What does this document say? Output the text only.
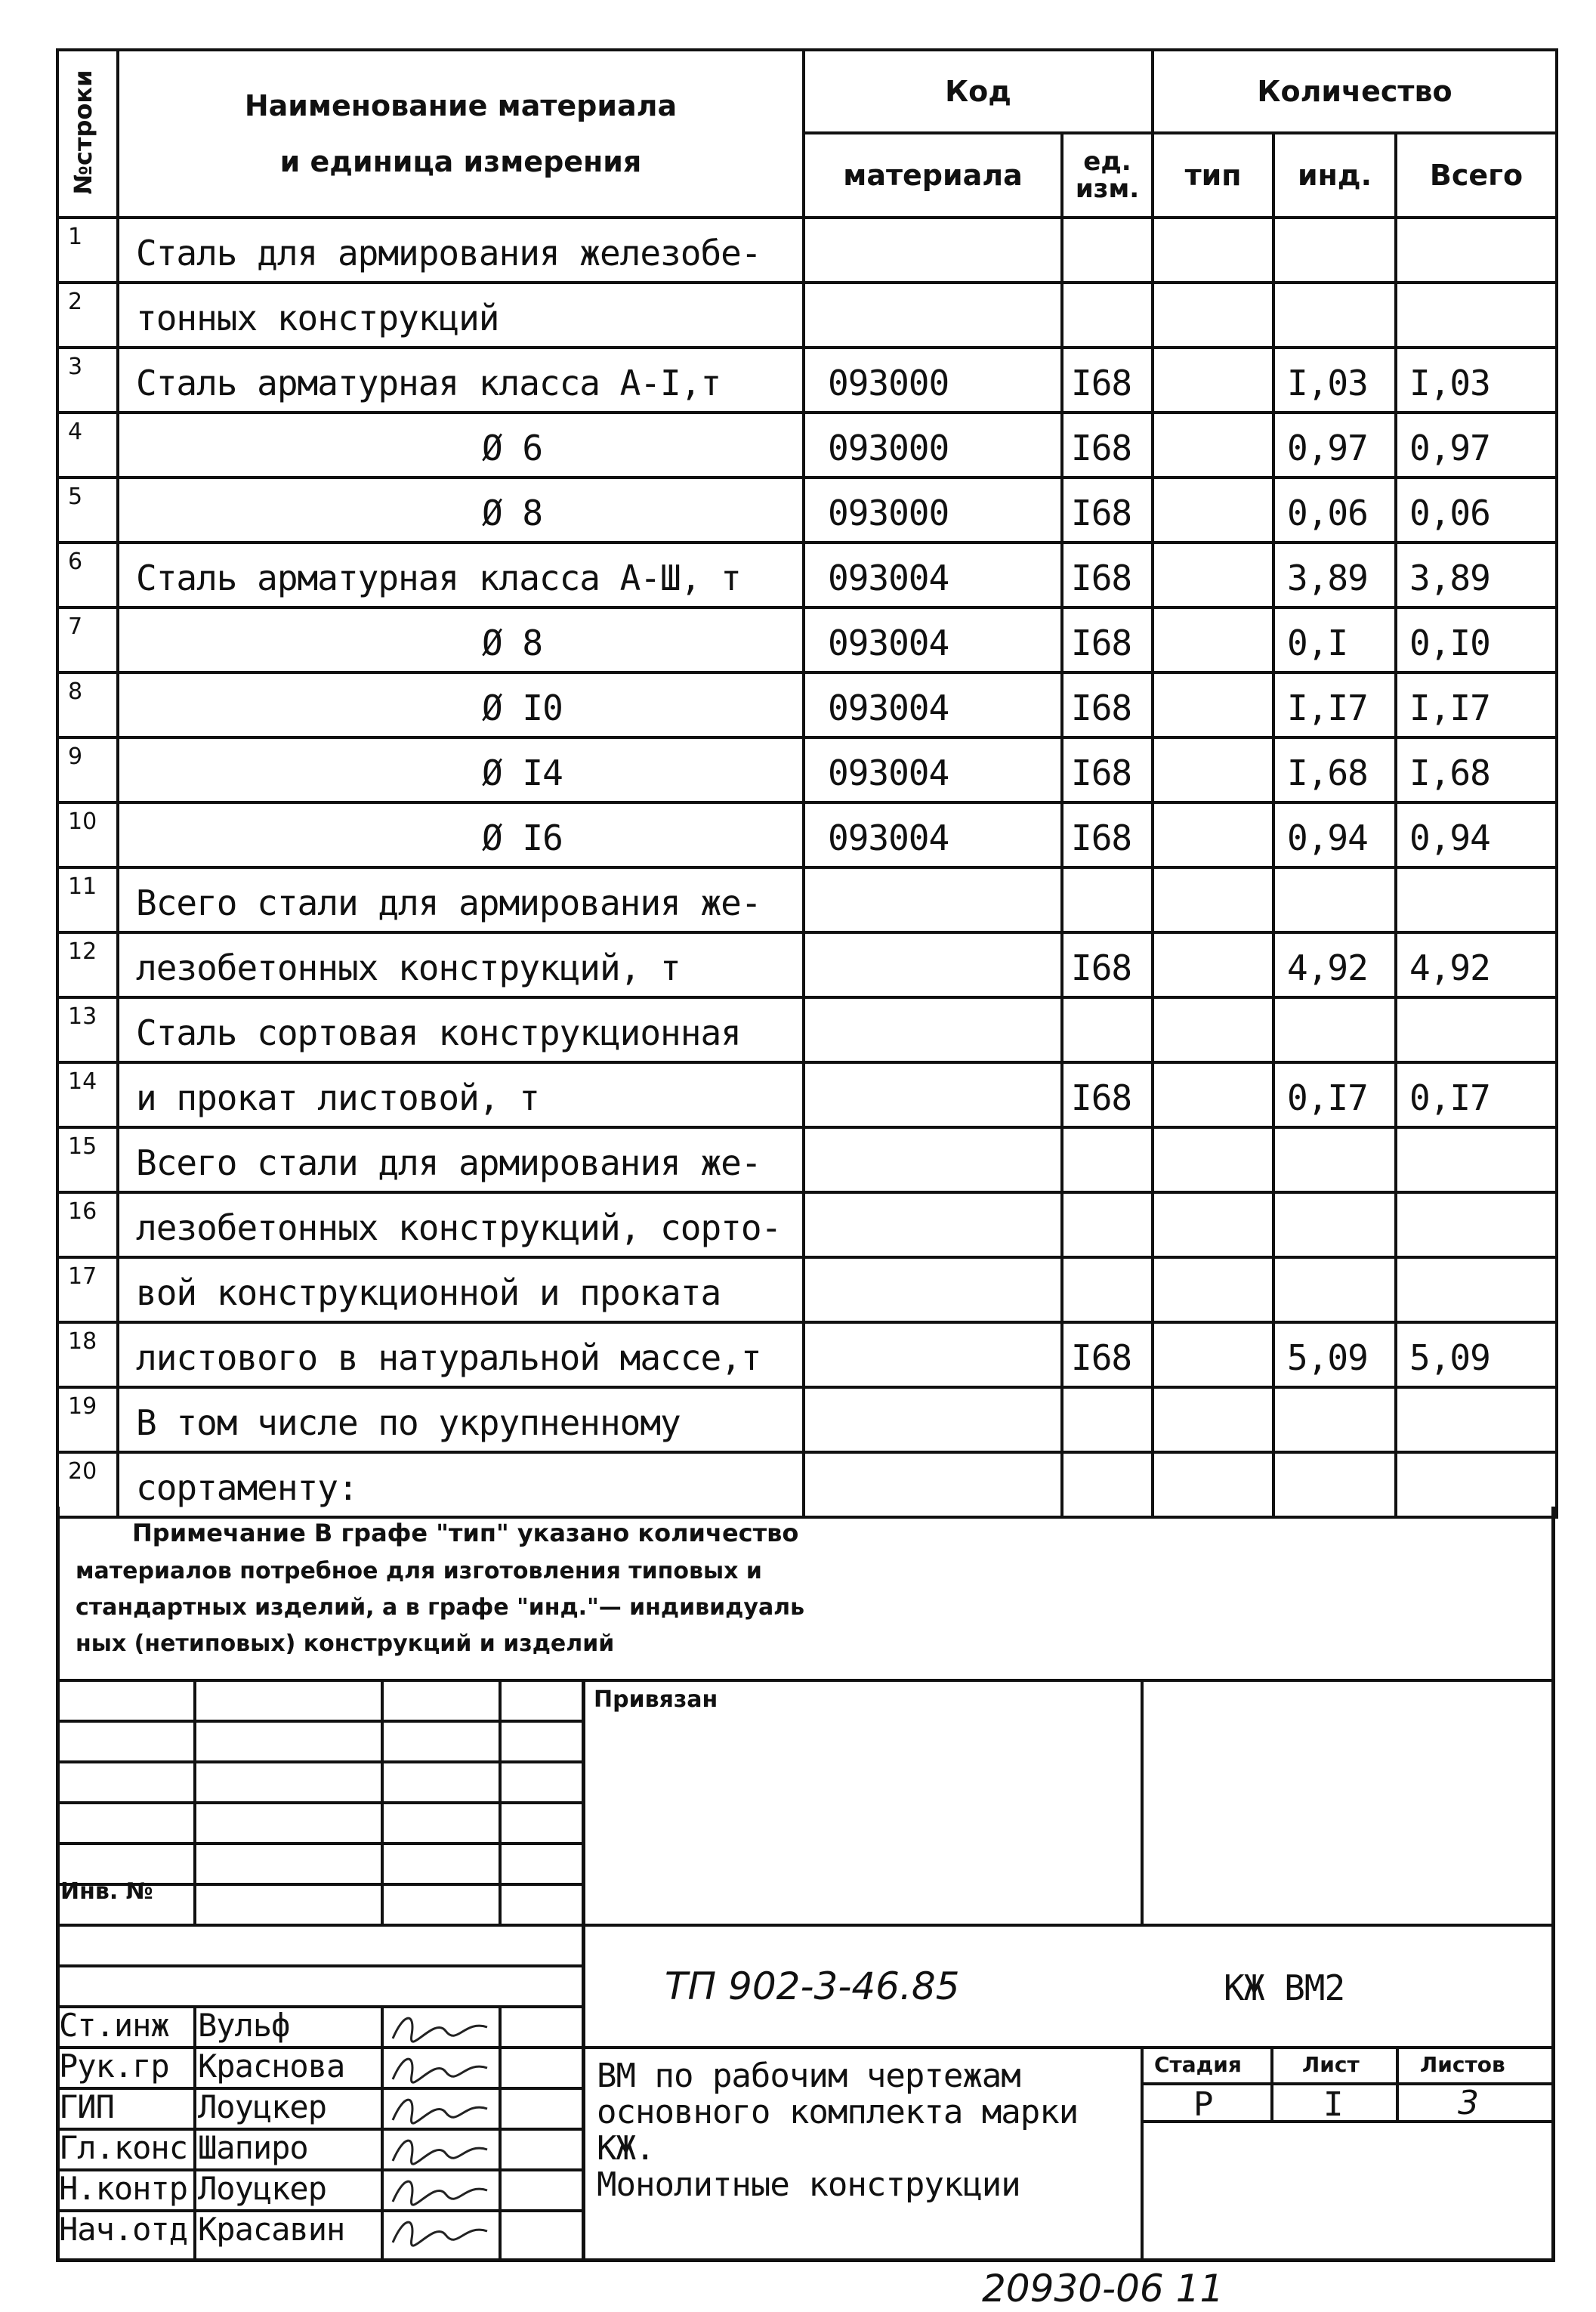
	Наименование материала
и единица измерения	Код		Количество		
		материала	ед. изм.	тип	инд.	Всего
1	Сталь для армирования железобе-					
2	тонных конструкций					
3	Сталь арматурная класса А-I,т	093000	I68		I,03	I,03
4	Ø 6	093000	I68		0,97	0,97
5	Ø 8	093000	I68		0,06	0,06
6	Сталь арматурная класса А-Ш, т	093004	I68		3,89	3,89
7	Ø 8	093004	I68		0,I	0,I0
8	Ø I0	093004	I68		I,I7	I,I7
9	Ø I4	093004	I68		I,68	I,68
10	Ø I6	093004	I68		0,94	0,94
11	Всего стали для армирования же-					
12	лезобетонных конструкций, т		I68		4,92	4,92
13	Сталь сортовая конструкционная					
14	и прокат листовой, т		I68		0,I7	0,I7
15	Всего стали для армирования же-					
16	лезобетонных конструкций, сорто-					
17	вой конструкционной и проката					
18	листового в натуральной массе,т		I68		5,09	5,09
19	В том числе по укрупненному					
20	сортаменту:					
№строки
Примечание В графе "тип" указано количество
материалов потребное для изготовления типовых и
стандартных изделий, а в графе "инд."— индивидуаль
ных (нетиповых) конструкций и изделий
Привязан
Инв. №
ТП 902-3-46.85	КЖ ВМ2
ВМ по рабочим чертежам
основного комплекта марки
КЖ.
Монолитные конструкции
Стадия	Лист	Листов
Р	I	3
Ст.инж Вульф
Рук.гр Краснова
ГИП	Лоуцкер
Гл.конс Шапиро
Н.контр Лоуцкер
Нач.отд Красавин
20930-06 11
